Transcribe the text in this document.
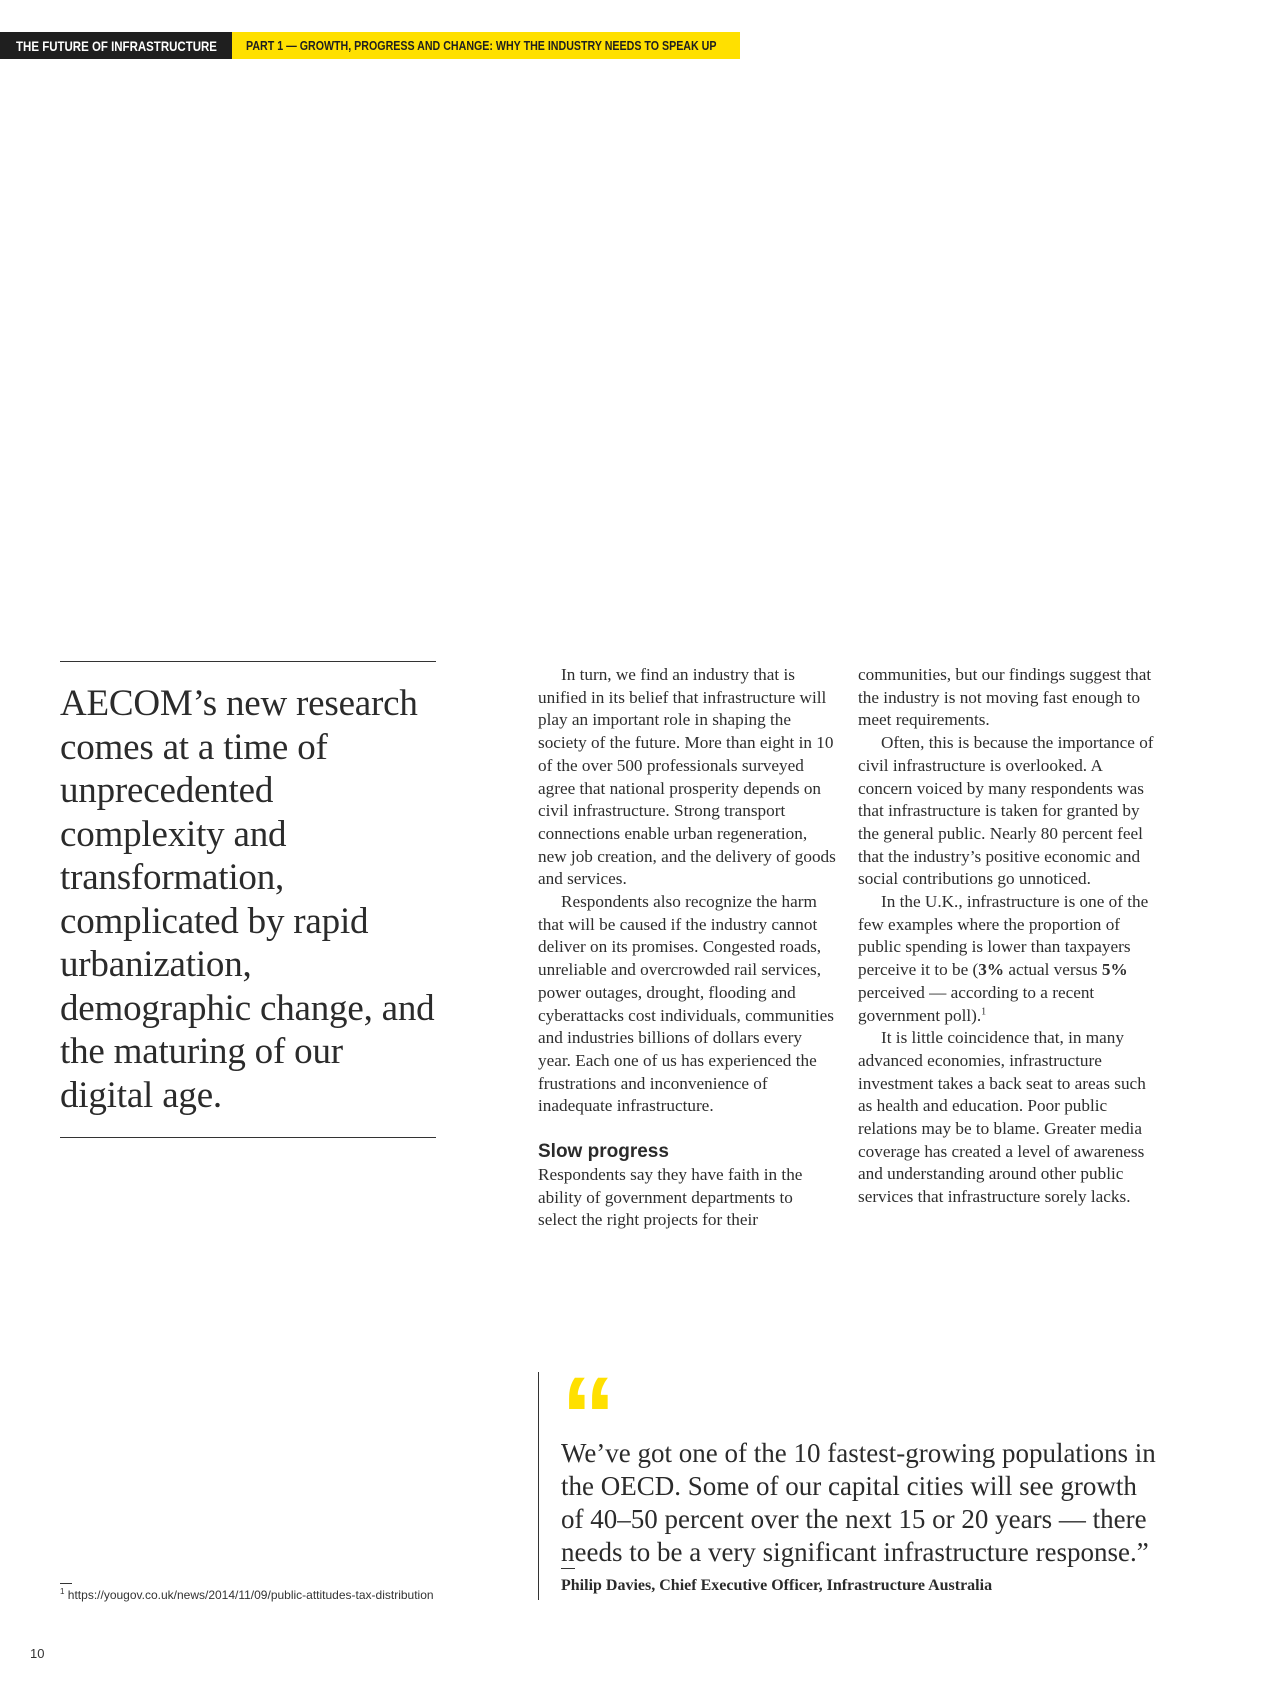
THE FUTURE OF INFRASTRUCTURE PART 1 — GROWTH, PROGRESS AND CHANGE: WHY THE INDUSTRY NEEDS TO SPEAK UP

AECOM’s new research comes at a time of unprecedented complexity and transformation, complicated by rapid urbanization, demographic change, and the maturing of our digital age.

In turn, we find an industry that is unified in its belief that infrastructure will play an important role in shaping the society of the future. More than eight in 10 of the over 500 professionals surveyed agree that national prosperity depends on civil infrastructure. Strong transport connections enable urban regeneration, new job creation, and the delivery of goods and services.

Respondents also recognize the harm that will be caused if the industry cannot deliver on its promises. Congested roads, unreliable and overcrowded rail services, power outages, drought, flooding and cyberattacks cost individuals, communities and industries billions of dollars every year. Each one of us has experienced the frustrations and inconvenience of inadequate infrastructure.

Slow progress

Respondents say they have faith in the ability of government departments to select the right projects for their

communities, but our findings suggest that the industry is not moving fast enough to meet requirements.

Often, this is because the importance of civil infrastructure is overlooked. A concern voiced by many respondents was that infrastructure is taken for granted by the general public. Nearly 80 percent feel that the industry’s positive economic and social contributions go unnoticed.

In the U.K., infrastructure is one of the few examples where the proportion of public spending is lower than taxpayers perceive it to be (3% actual versus 5% perceived — according to a recent government poll).$^1$

It is little coincidence that, in many advanced economies, infrastructure investment takes a back seat to areas such as health and education. Poor public relations may be to blame. Greater media coverage has created a level of awareness and understanding around other public services that infrastructure sorely lacks.

“

We’ve got one of the 10 fastest-growing populations in the OECD. Some of our capital cities will see growth of 40–50 percent over the next 15 or 20 years — there needs to be a very significant infrastructure response.”

Philip Davies, Chief Executive Officer, Infrastructure Australia

$^1$ https://yougov.co.uk/news/2014/11/09/public-attitudes-tax-distribution

10
